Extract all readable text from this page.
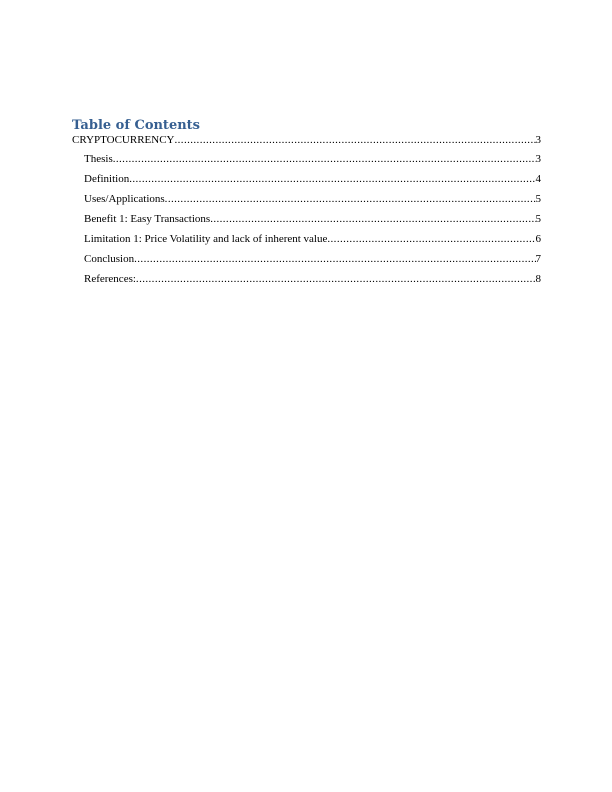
Table of Contents
CRYPTOCURRENCY .....	3
Thesis .....	3
Definition .....	4
Uses/Applications .....	5
Benefit 1: Easy Transactions .....	5
Limitation 1: Price Volatility and lack of inherent value .....	6
Conclusion .....	7
References: .....	8
